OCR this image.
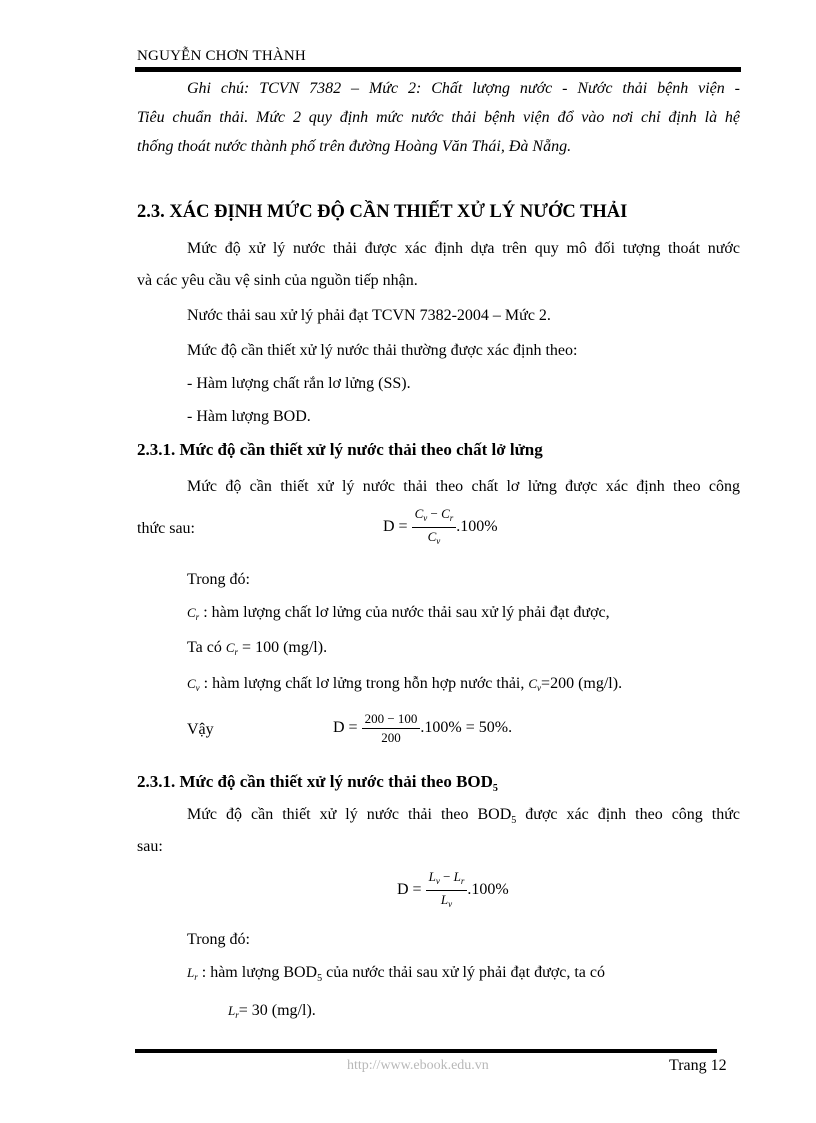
NGUYỄN CHƠN THÀNH
Ghi chú: TCVN 7382 – Mức 2: Chất lượng nước - Nước thải bệnh viện -
Tiêu chuẩn thải. Mức 2 quy định mức nước thải bệnh viện đổ vào nơi chỉ định là hệ
thống thoát nước thành phố trên đường Hoàng Văn Thái, Đà Nẵng.
2.3. XÁC ĐỊNH MỨC ĐỘ CẦN THIẾT XỬ LÝ NƯỚC THẢI
Mức độ xử lý nước thải được xác định dựa trên quy mô đối tượng thoát nước
và các yêu cầu vệ sinh của nguồn tiếp nhận.
Nước thải sau xử lý phải đạt TCVN 7382-2004 – Mức 2.
Mức độ cần thiết xử lý nước thải thường được xác định theo:
- Hàm lượng chất rắn lơ lửng (SS).
- Hàm lượng BOD.
2.3.1. Mức độ cần thiết xử lý nước thải theo chất lở lửng
Mức độ cần thiết xử lý nước thải theo chất lơ lửng được xác định theo công
thức sau:	$D = \frac{C_v - C_r}{C_v} .100\%$
Trong đó:
$C_r$ : hàm lượng chất lơ lửng của nước thải sau xử lý phải đạt được,
Ta có $C_r = 100$ (mg/l).
$C_v$ : hàm lượng chất lơ lửng trong hỗn hợp nước thải, $C_v=200$ (mg/l).
Vậy	$D = \frac{200 - 100}{200} .100\% = 50\%$.
2.3.1. Mức độ cần thiết xử lý nước thải theo $BOD_5$
Mức độ cần thiết xử lý nước thải theo $BOD_5$ được xác định theo công thức
sau:
$D = \frac{L_v - L_r}{L_v} .100\%$
Trong đó:
$L_r$ : hàm lượng $BOD_5$ của nước thải sau xử lý phải đạt được, ta có
$L_r= 30$ (mg/l).
http://www.ebook.edu.vn	Trang 12
